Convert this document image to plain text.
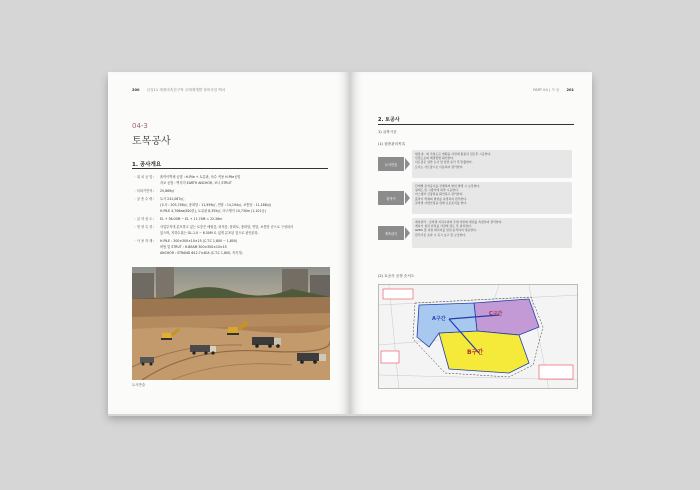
200 신길11 재정비촉진구역 주택재개발 정비사업 백서
04-3
토목공사
1. 공사개요
◦ 위 치 공 법 : 흙막이벽체 공법 : H-Pile + 토류판, 차수 적용 H-Pile공법
지보 공법 : 벽지지 EARTH ANCHOR, 코너 STRUT
◦ 터파기면적 : 25,869㎡
◦ 공 종 수 량 : 토사 241,087㎥,
(토사 : 203,746㎥, 풍화암 : 11,959㎥, 연암 : 14,194㎥, 보통암 : 11,188㎥)
H-PILE 4,706ea(620본), 토류판 8,355㎡, 어스앵커 10,730m (1,101공)
◦ 굴 착 심 도 : EL + 36.00M ~ EL + 11.74M = 22.26m
◦ 현 장 특 징 : 사업부지에 분포하고 있는 토층은 매립층, 퇴적층, 풍화토, 풍화암, 연암, 보통암 순으로 구성되어
있으며, 지하수위는 GL-1.0 ~ 6.50M 로 넓게 분포된 것으로 판단된다.
◦ 사 용 자 재 : H-PILE : 300×300×10×15 (C.T.C 1,800 ~ 1,800)
버팀 및 STRUT : H-BEAM 300×300×10×15
ANCHOR : STRAND Φ12.7×4EA (C.T.C 1,800, 꼭지각)
토사반출
PART 04 | 시 공 201
2. 토공사
1) 굴착시공
(1) 집중관리목록
토사반출
현장내 · 외 가설도로 계획을 사전에 충분히 검토후 시공한다.
인접도로의 해결방법 확인한다.
사토장은 일반 토사 및 암반 분리 후 반출한다.
토사는 사토장으로 이동하여 정리한다.
흙막이
단계별 굴착공사를 진행하며 변위 발생 시 보강한다.
설계도 및 시방서에 따라 시공한다.
어스앵커 긴장력을 확인하고 관리한다.
흙막이 벽체의 변위를 측정하여 관리한다.
굴착면 사면안정을 위해 보호조치를 한다.
계측관리
계측관리 : 굴착면 지하수위와 주변 지반의 변위를 측정하여 관리한다.
계측기 설치 위치를 사전에 검토 후 설치한다.
GPRS 및 측정 데이터를 일일 분석하여 대응한다.
관리기준 초과 시 즉시 보고 및 보강한다.
(2) 토공사 공정 순서도
A구간
C구간
B구간
